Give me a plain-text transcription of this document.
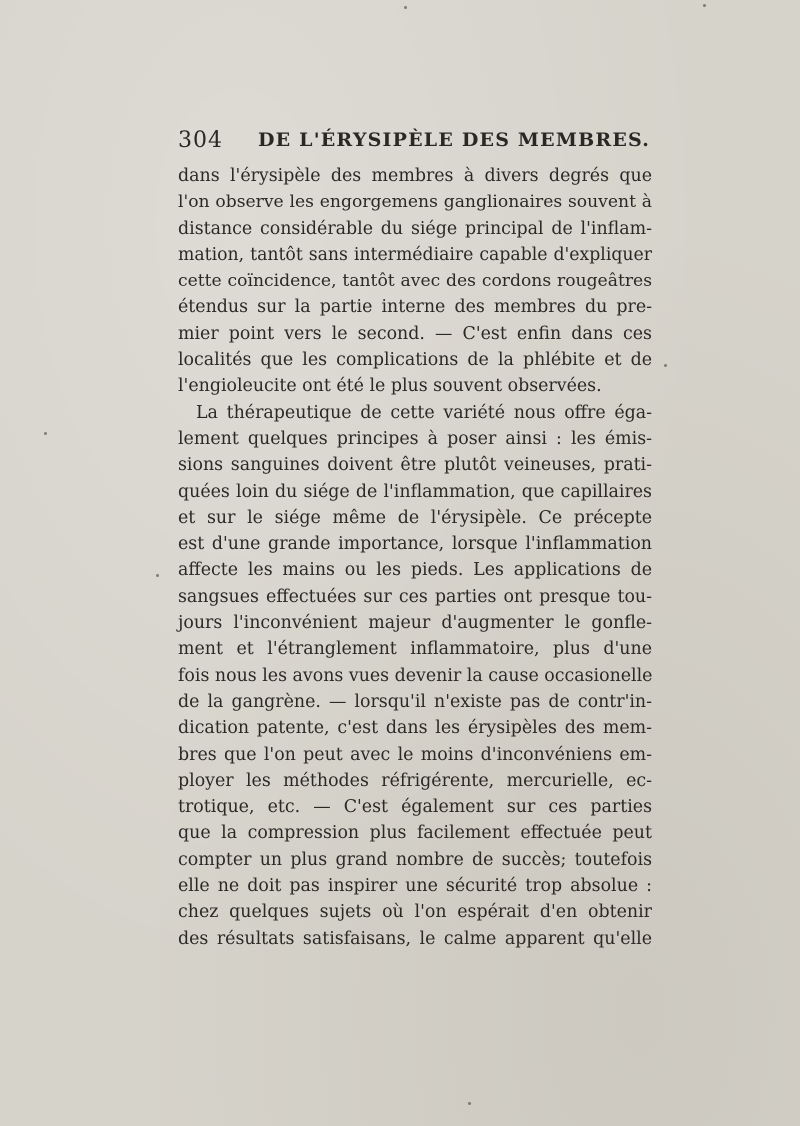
304 DE L'ÉRYSIPÈLE DES MEMBRES.
dans l'érysipèle des membres à divers degrés que
l'on observe les engorgemens ganglionaires souvent à
distance considérable du siége principal de l'inflam-
mation, tantôt sans intermédiaire capable d'expliquer
cette coïncidence, tantôt avec des cordons rougeâtres
étendus sur la partie interne des membres du pre-
mier point vers le second. — C'est enfin dans ces
localités que les complications de la phlébite et de
l'engioleucite ont été le plus souvent observées.
La thérapeutique de cette variété nous offre éga-
lement quelques principes à poser ainsi : les émis-
sions sanguines doivent être plutôt veineuses, prati-
quées loin du siége de l'inflammation, que capillaires
et sur le siége même de l'érysipèle. Ce précepte
est d'une grande importance, lorsque l'inflammation
affecte les mains ou les pieds. Les applications de
sangsues effectuées sur ces parties ont presque tou-
jours l'inconvénient majeur d'augmenter le gonfle-
ment et l'étranglement inflammatoire, plus d'une
fois nous les avons vues devenir la cause occasionelle
de la gangrène. — lorsqu'il n'existe pas de contr'in-
dication patente, c'est dans les érysipèles des mem-
bres que l'on peut avec le moins d'inconvéniens em-
ployer les méthodes réfrigérente, mercurielle, ec-
trotique, etc. — C'est également sur ces parties
que la compression plus facilement effectuée peut
compter un plus grand nombre de succès; toutefois
elle ne doit pas inspirer une sécurité trop absolue :
chez quelques sujets où l'on espérait d'en obtenir
des résultats satisfaisans, le calme apparent qu'elle
